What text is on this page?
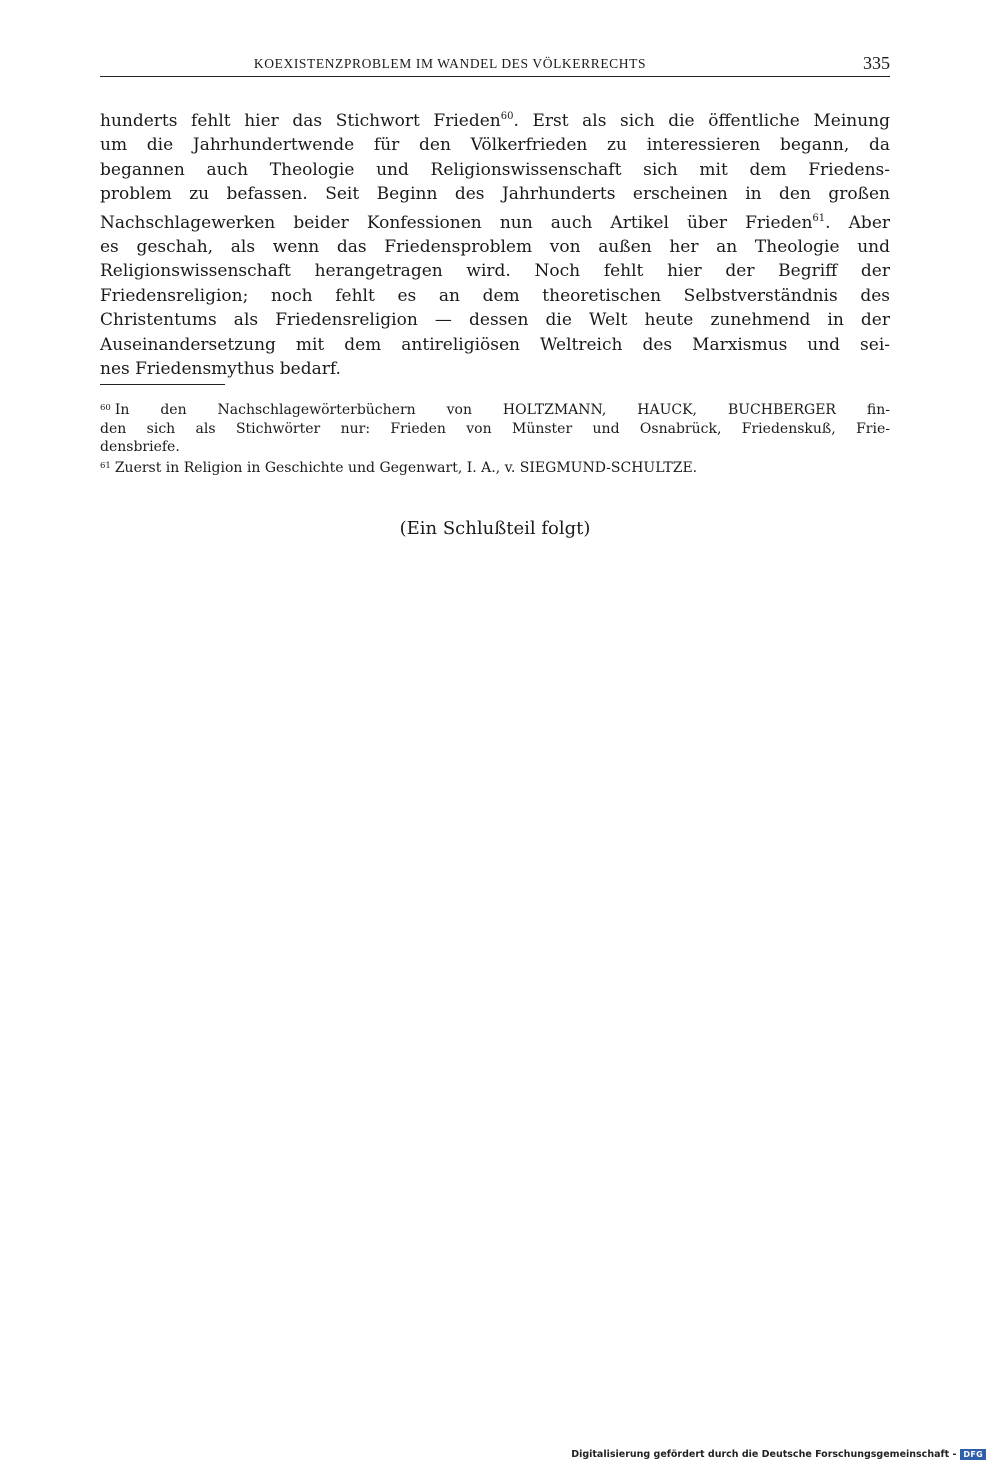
KOEXISTENZPROBLEM IM WANDEL DES VÖLKERRECHTS	335
hunderts fehlt hier das Stichwort Frieden$^{60}$. Erst als sich die öffentliche Meinung
um die Jahrhundertwende für den Völkerfrieden zu interessieren begann, da
begannen auch Theologie und Religionswissenschaft sich mit dem Friedens-
problem zu befassen. Seit Beginn des Jahrhunderts erscheinen in den großen
Nachschlagewerken beider Konfessionen nun auch Artikel über Frieden$^{61}$. Aber
es geschah, als wenn das Friedensproblem von außen her an Theologie und
Religionswissenschaft herangetragen wird. Noch fehlt hier der Begriff der
Friedensreligion; noch fehlt es an dem theoretischen Selbstverständnis des
Christentums als Friedensreligion — dessen die Welt heute zunehmend in der
Auseinandersetzung mit dem antireligiösen Weltreich des Marxismus und sei-
nes Friedensmythus bedarf.
$^{60}$ In den Nachschlagewörterbüchern von HOLTZMANN, HAUCK, BUCHBERGER fin-
den sich als Stichwörter nur: Frieden von Münster und Osnabrück, Friedenskuß, Frie-
densbriefe.
$^{61}$ Zuerst in Religion in Geschichte und Gegenwart, I. A., v. SIEGMUND-SCHULTZE.
(Ein Schlußteil folgt)
Digitalisierung gefördert durch die Deutsche Forschungsgemeinschaft - DFG
